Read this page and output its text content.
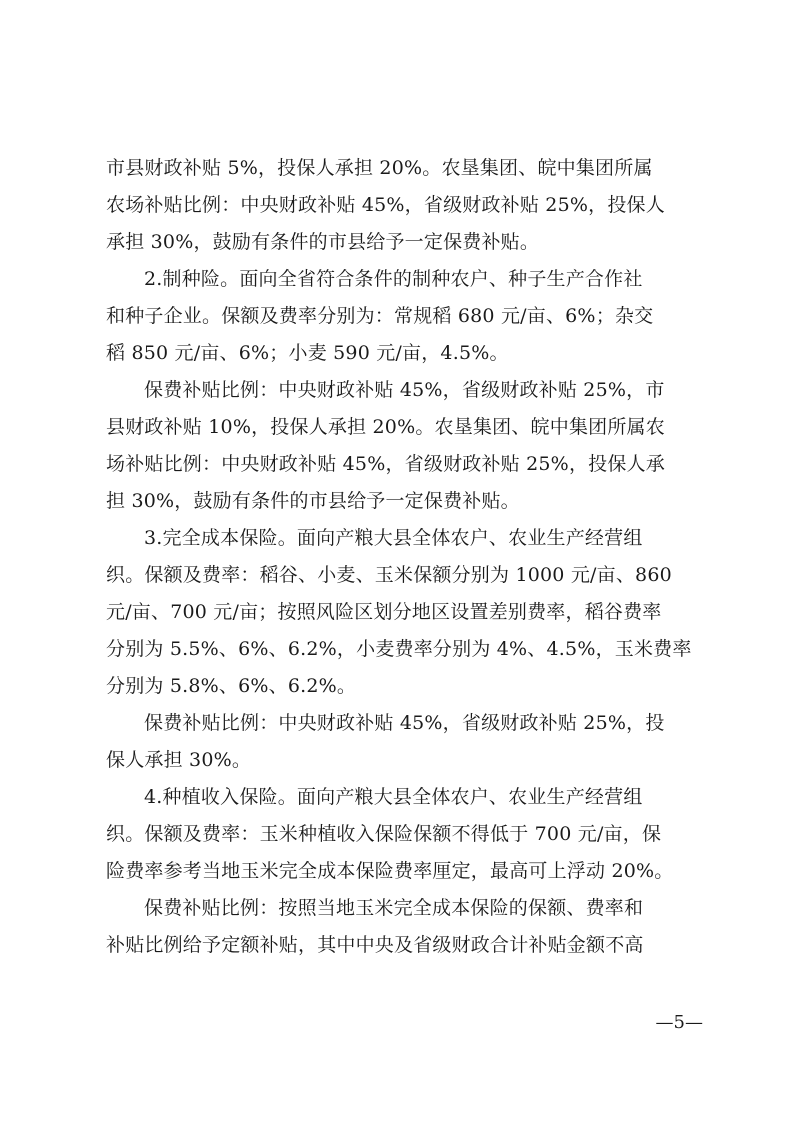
市县财政补贴 5%，投保人承担 20%。农垦集团、皖中集团所属
农场补贴比例：中央财政补贴 45%，省级财政补贴 25%，投保人
承担 30%，鼓励有条件的市县给予一定保费补贴。
2.制种险。面向全省符合条件的制种农户、种子生产合作社
和种子企业。保额及费率分别为：常规稻 680 元/亩、6%；杂交
稻 850 元/亩、6%；小麦 590 元/亩，4.5%。
保费补贴比例：中央财政补贴 45%，省级财政补贴 25%，市
县财政补贴 10%，投保人承担 20%。农垦集团、皖中集团所属农
场补贴比例：中央财政补贴 45%，省级财政补贴 25%，投保人承
担 30%，鼓励有条件的市县给予一定保费补贴。
3.完全成本保险。面向产粮大县全体农户、农业生产经营组
织。保额及费率：稻谷、小麦、玉米保额分别为 1000 元/亩、860
元/亩、700 元/亩；按照风险区划分地区设置差别费率，稻谷费率
分别为 5.5%、6%、6.2%，小麦费率分别为 4%、4.5%，玉米费率
分别为 5.8%、6%、6.2%。
保费补贴比例：中央财政补贴 45%，省级财政补贴 25%，投
保人承担 30%。
4.种植收入保险。面向产粮大县全体农户、农业生产经营组
织。保额及费率：玉米种植收入保险保额不得低于 700 元/亩，保
险费率参考当地玉米完全成本保险费率厘定，最高可上浮动 20%。
保费补贴比例：按照当地玉米完全成本保险的保额、费率和
补贴比例给予定额补贴，其中中央及省级财政合计补贴金额不高
—5—
